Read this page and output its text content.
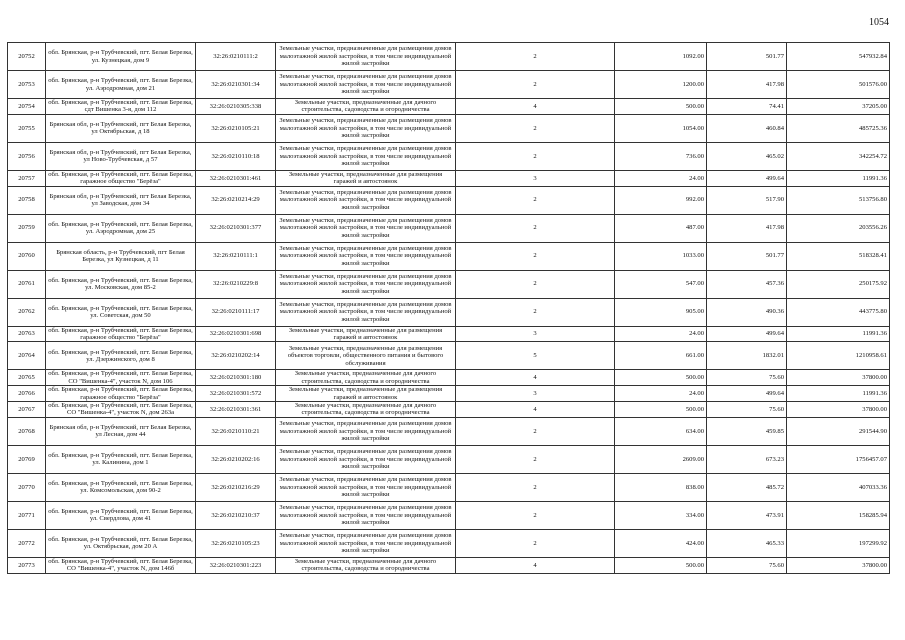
1054
20752	обл. Брянская, р-н Трубчевский, пгт. Белая Березка, ул. Кузнецкая, дом 9	32:26:0210111:2	Земельные участки, предназначенные для размещения домов малоэтажной жилой застройки, в том числе индивидуальной жилой застройки	2	1092.00	501.77	547932.84
20753	обл. Брянская, р-н Трубчевский, пгт. Белая Березка, ул. Аэродромная, дом 21	32:26:0210301:34	Земельные участки, предназначенные для размещения домов малоэтажной жилой застройки, в том числе индивидуальной жилой застройки	2	1200.00	417.98	501576.00
20754	обл. Брянская, р-н Трубчевский, пгт. Белая Березка, сдт Вишенка 3-я, дом 112	32:26:0210305:338	Земельные участки, предназначенные для дачного строительства, садоводства и огородничества	4	500.00	74.41	37205.00
20755	Брянская обл, р-н Трубчевский, пгт Белая Березка, ул Октябрьская, д 18	32:26:0210105:21	Земельные участки, предназначенные для размещения домов малоэтажной жилой застройки, в том числе индивидуальной жилой застройки	2	1054.00	460.84	485725.36
20756	Брянская обл, р-н Трубчевский, пгт Белая Березка, ул Ново-Трубчевская, д 57	32:26:0210110:18	Земельные участки, предназначенные для размещения домов малоэтажной жилой застройки, в том числе индивидуальной жилой застройки	2	736.00	465.02	342254.72
20757	обл. Брянская, р-н Трубчевский, пгт. Белая Березка, гаражное общество "Берёза"	32:26:0210301:461	Земельные участки, предназначенные для размещения гаражей и автостоянок	3	24.00	499.64	11991.36
20758	Брянская обл, р-н Трубчевский, пгт Белая Березка, ул Заводская, дом 34	32:26:0210214:29	Земельные участки, предназначенные для размещения домов малоэтажной жилой застройки, в том числе индивидуальной жилой застройки	2	992.00	517.90	513756.80
20759	обл. Брянская, р-н Трубчевский, пгт. Белая Березка, ул. Аэродромная, дом 25	32:26:0210301:377	Земельные участки, предназначенные для размещения домов малоэтажной жилой застройки, в том числе индивидуальной жилой застройки	2	487.00	417.98	203556.26
20760	Брянская область, р-н Трубчевский, пгт Белая Березка, ул Кузнецкая, д 11	32:26:0210111:1	Земельные участки, предназначенные для размещения домов малоэтажной жилой застройки, в том числе индивидуальной жилой застройки	2	1033.00	501.77	518328.41
20761	обл. Брянская, р-н Трубчевский, пгт. Белая Березка, ул. Московская, дом 85-2	32:26:0210229:8	Земельные участки, предназначенные для размещения домов малоэтажной жилой застройки, в том числе индивидуальной жилой застройки	2	547.00	457.36	250175.92
20762	обл. Брянская, р-н Трубчевский, пгт. Белая Березка, ул. Советская, дом 50	32:26:0210111:17	Земельные участки, предназначенные для размещения домов малоэтажной жилой застройки, в том числе индивидуальной жилой застройки	2	905.00	490.36	443775.80
20763	обл. Брянская, р-н Трубчевский, пгт. Белая Березка, гаражное общество "Берёза"	32:26:0210301:698	Земельные участки, предназначенные для размещения гаражей и автостоянок	3	24.00	499.64	11991.36
20764	обл. Брянская, р-н Трубчевский, пгт. Белая Березка, ул. Дзержинского, дом 8	32:26:0210202:14	Земельные участки, предназначенные для размещения объектов торговли, общественного питания и бытового обслуживания	5	661.00	1832.01	1210958.61
20765	обл. Брянская, р-н Трубчевский, пгт. Белая Березка, СО "Вишенка-4", участок N, дом 106	32:26:0210301:180	Земельные участки, предназначенные для дачного строительства, садоводства и огородничества	4	500.00	75.60	37800.00
20766	обл. Брянская, р-н Трубчевский, пгт. Белая Березка, гаражное общество "Берёза"	32:26:0210301:572	Земельные участки, предназначенные для размещения гаражей и автостоянок	3	24.00	499.64	11991.36
20767	обл. Брянская, р-н Трубчевский, пгт. Белая Березка, СО "Вишенка-4", участок N, дом 263а	32:26:0210301:361	Земельные участки, предназначенные для дачного строительства, садоводства и огородничества	4	500.00	75.60	37800.00
20768	Брянская обл, р-н Трубчевский, пгт Белая Березка, ул Лесная, дом 44	32:26:0210110:21	Земельные участки, предназначенные для размещения домов малоэтажной жилой застройки, в том числе индивидуальной жилой застройки	2	634.00	459.85	291544.90
20769	обл. Брянская, р-н Трубчевский, пгт. Белая Березка, ул. Калинина, дом 1	32:26:0210202:16	Земельные участки, предназначенные для размещения домов малоэтажной жилой застройки, в том числе индивидуальной жилой застройки	2	2609.00	673.23	1756457.07
20770	обл. Брянская, р-н Трубчевский, пгт. Белая Березка, ул. Комсомольская, дом 90-2	32:26:0210216:29	Земельные участки, предназначенные для размещения домов малоэтажной жилой застройки, в том числе индивидуальной жилой застройки	2	838.00	485.72	407033.36
20771	обл. Брянская, р-н Трубчевский, пгт. Белая Березка, ул. Свердлова, дом 41	32:26:0210210:37	Земельные участки, предназначенные для размещения домов малоэтажной жилой застройки, в том числе индивидуальной жилой застройки	2	334.00	473.91	158285.94
20772	обл. Брянская, р-н Трубчевский, пгт. Белая Березка, ул. Октябрьская, дом 20 А	32:26:0210105:23	Земельные участки, предназначенные для размещения домов малоэтажной жилой застройки, в том числе индивидуальной жилой застройки	2	424.00	465.33	197299.92
20773	обл. Брянская, р-н Трубчевский, пгт. Белая Березка, СО "Вишенка-4", участок N, дом 146б	32:26:0210301:223	Земельные участки, предназначенные для дачного строительства, садоводства и огородничества	4	500.00	75.60	37800.00
